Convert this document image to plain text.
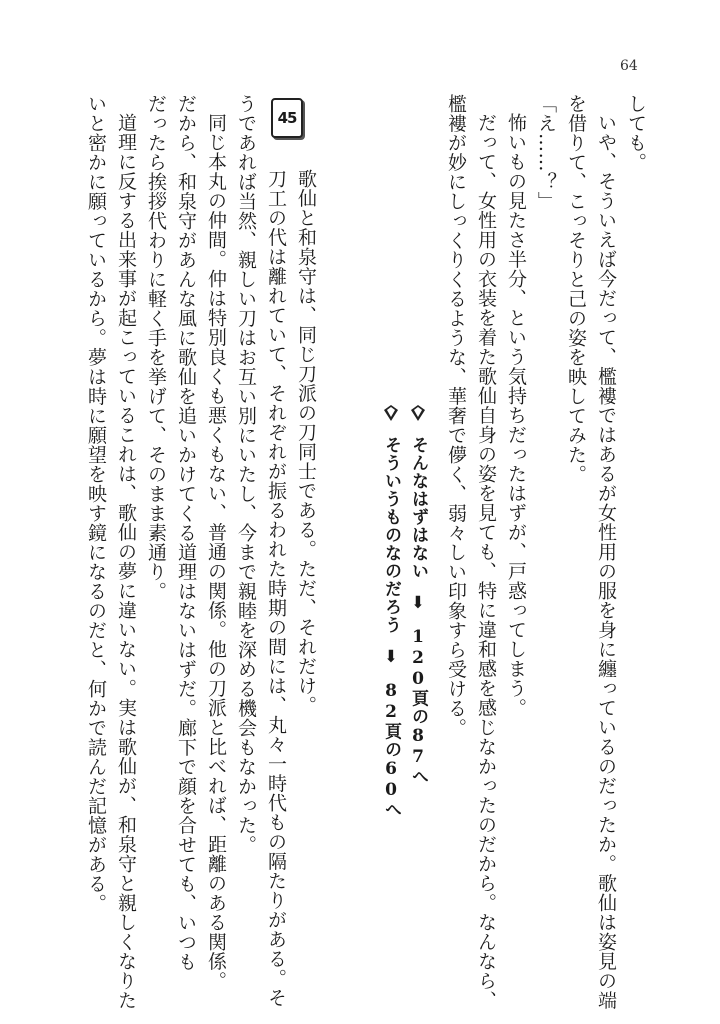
64
しても。
いや、そういえば今だって、檻褸ではあるが女性用の服を身に纏っているのだったか。歌仙は姿見の端
を借りて、こっそりと己の姿を映してみた。
「え……？」
怖いもの見たさ半分、という気持ちだったはずが、戸惑ってしまう。
だって、女性用の衣装を着た歌仙自身の姿を見ても、特に違和感を感じなかったのだから。なんなら、
檻褸が妙にしっくりくるような、華奢で儚く、弱々しい印象すら受ける。
そんなはずはない ⬇ 120頁の87へ
そういうものなのだろう ⬇ 82頁の60へ
45
歌仙と和泉守は、同じ刀派の刀同士である。ただ、それだけ。
刀工の代は離れていて、それぞれが振るわれた時期の間には、丸々一時代もの隔たりがある。そ
うであれば当然、親しい刀はお互い別にいたし、今まで親睦を深める機会もなかった。
同じ本丸の仲間。仲は特別良くも悪くもない、普通の関係。他の刀派と比べれば、距離のある関係。
だから、和泉守があんな風に歌仙を追いかけてくる道理はないはずだ。廊下で顔を合せても、いつも
だったら挨拶代わりに軽く手を挙げて、そのまま素通り。
道理に反する出来事が起こっているこれは、歌仙の夢に違いない。実は歌仙が、和泉守と親しくなりた
いと密かに願っているから。夢は時に願望を映す鏡になるのだと、何かで読んだ記憶がある。
